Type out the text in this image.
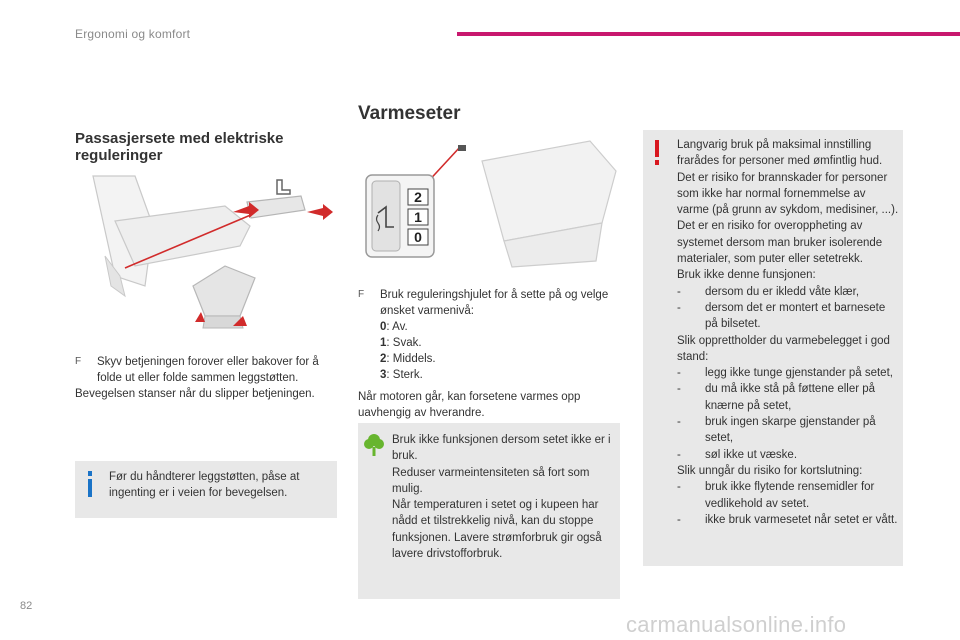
Ergonomi og komfort
Passasjersete med elektriske reguleringer
F Skyv betjeningen forover eller bakover for å folde ut eller folde sammen leggstøtten.
Bevegelsen stanser når du slipper betjeningen.
Før du håndterer leggstøtten, påse at ingenting er i veien for bevegelsen.
Varmeseter
2
1
0
F Bruk reguleringshjulet for å sette på og velge ønsket varmenivå:
0: Av.
1: Svak.
2: Middels.
3: Sterk.
Når motoren går, kan forsetene varmes opp uavhengig av hverandre.
Bruk ikke funksjonen dersom setet ikke er i bruk.
Reduser varmeintensiteten så fort som mulig.
Når temperaturen i setet og i kupeen har nådd et tilstrekkelig nivå, kan du stoppe funksjonen. Lavere strømforbruk gir også lavere drivstofforbruk.
Langvarig bruk på maksimal innstilling frarådes for personer med ømfintlig hud. Det er risiko for brannskader for personer som ikke har normal fornemmelse av varme (på grunn av sykdom, medisiner, ...).
Det er en risiko for overoppheting av systemet dersom man bruker isolerende materialer, som puter eller setetrekk.
Bruk ikke denne funsjonen:
- dersom du er ikledd våte klær,
- dersom det er montert et barnesete på bilsetet.
Slik opprettholder du varmebelegget i god stand:
- legg ikke tunge gjenstander på setet,
- du må ikke stå på føttene eller på knærne på setet,
- bruk ingen skarpe gjenstander på setet,
- søl ikke ut væske.
Slik unngår du risiko for kortslutning:
- bruk ikke flytende rensemidler for vedlikehold av setet.
- ikke bruk varmesetet når setet er vått.
82
carmanualsonline.info
